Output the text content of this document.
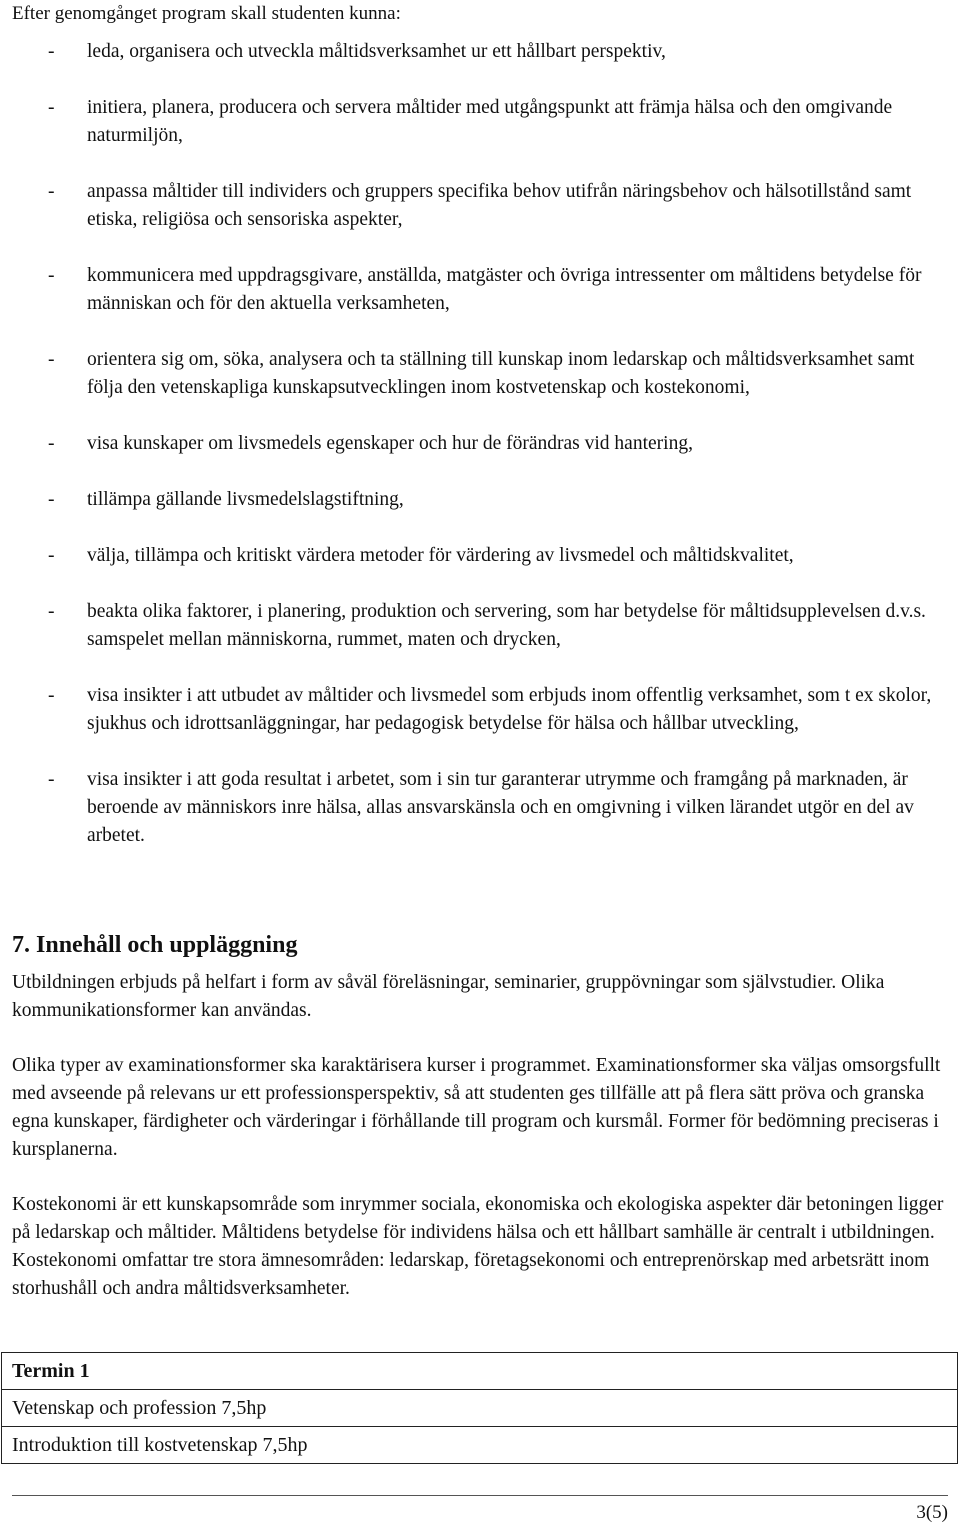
Efter genomgånget program skall studenten kunna:
- leda, organisera och utveckla måltidsverksamhet ur ett hållbart perspektiv,
- initiera, planera, producera och servera måltider med utgångspunkt att främja hälsa och den omgivande naturmiljön,
- anpassa måltider till individers och gruppers specifika behov utifrån näringsbehov och hälsotillstånd samt etiska, religiösa och sensoriska aspekter,
- kommunicera med uppdragsgivare, anställda, matgäster och övriga intressenter om måltidens betydelse för människan och för den aktuella verksamheten,
- orientera sig om, söka, analysera och ta ställning till kunskap inom ledarskap och måltidsverksamhet samt följa den vetenskapliga kunskapsutvecklingen inom kostvetenskap och kostekonomi,
- visa kunskaper om livsmedels egenskaper och hur de förändras vid hantering,
- tillämpa gällande livsmedelslagstiftning,
- välja, tillämpa och kritiskt värdera metoder för värdering av livsmedel och måltidskvalitet,
- beakta olika faktorer, i planering, produktion och servering, som har betydelse för måltidsupplevelsen d.v.s. samspelet mellan människorna, rummet, maten och drycken,
- visa insikter i att utbudet av måltider och livsmedel som erbjuds inom offentlig verksamhet, som t ex skolor, sjukhus och idrottsanläggningar, har pedagogisk betydelse för hälsa och hållbar utveckling,
- visa insikter i att goda resultat i arbetet, som i sin tur garanterar utrymme och framgång på marknaden, är beroende av människors inre hälsa, allas ansvarskänsla och en omgivning i vilken lärandet utgör en del av arbetet.
7. Innehåll och uppläggning

Utbildningen erbjuds på helfart i form av såväl föreläsningar, seminarier, gruppövningar som självstudier. Olika kommunikationsformer kan användas.

Olika typer av examinationsformer ska karaktärisera kurser i programmet. Examinationsformer ska väljas omsorgsfullt med avseende på relevans ur ett professionsperspektiv, så att studenten ges tillfälle att på flera sätt pröva och granska egna kunskaper, färdigheter och värderingar i förhållande till program och kursmål. Former för bedömning preciseras i kursplanerna.

Kostekonomi är ett kunskapsområde som inrymmer sociala, ekonomiska och ekologiska aspekter där betoningen ligger på ledarskap och måltider. Måltidens betydelse för individens hälsa och ett hållbart samhälle är centralt i utbildningen. Kostekonomi omfattar tre stora ämnesområden: ledarskap, företagsekonomi och entreprenörskap med arbetsrätt inom storhushåll och andra måltidsverksamheter.

Termin 1
Vetenskap och profession 7,5hp
Introduktion till kostvetenskap 7,5hp
3(5)
